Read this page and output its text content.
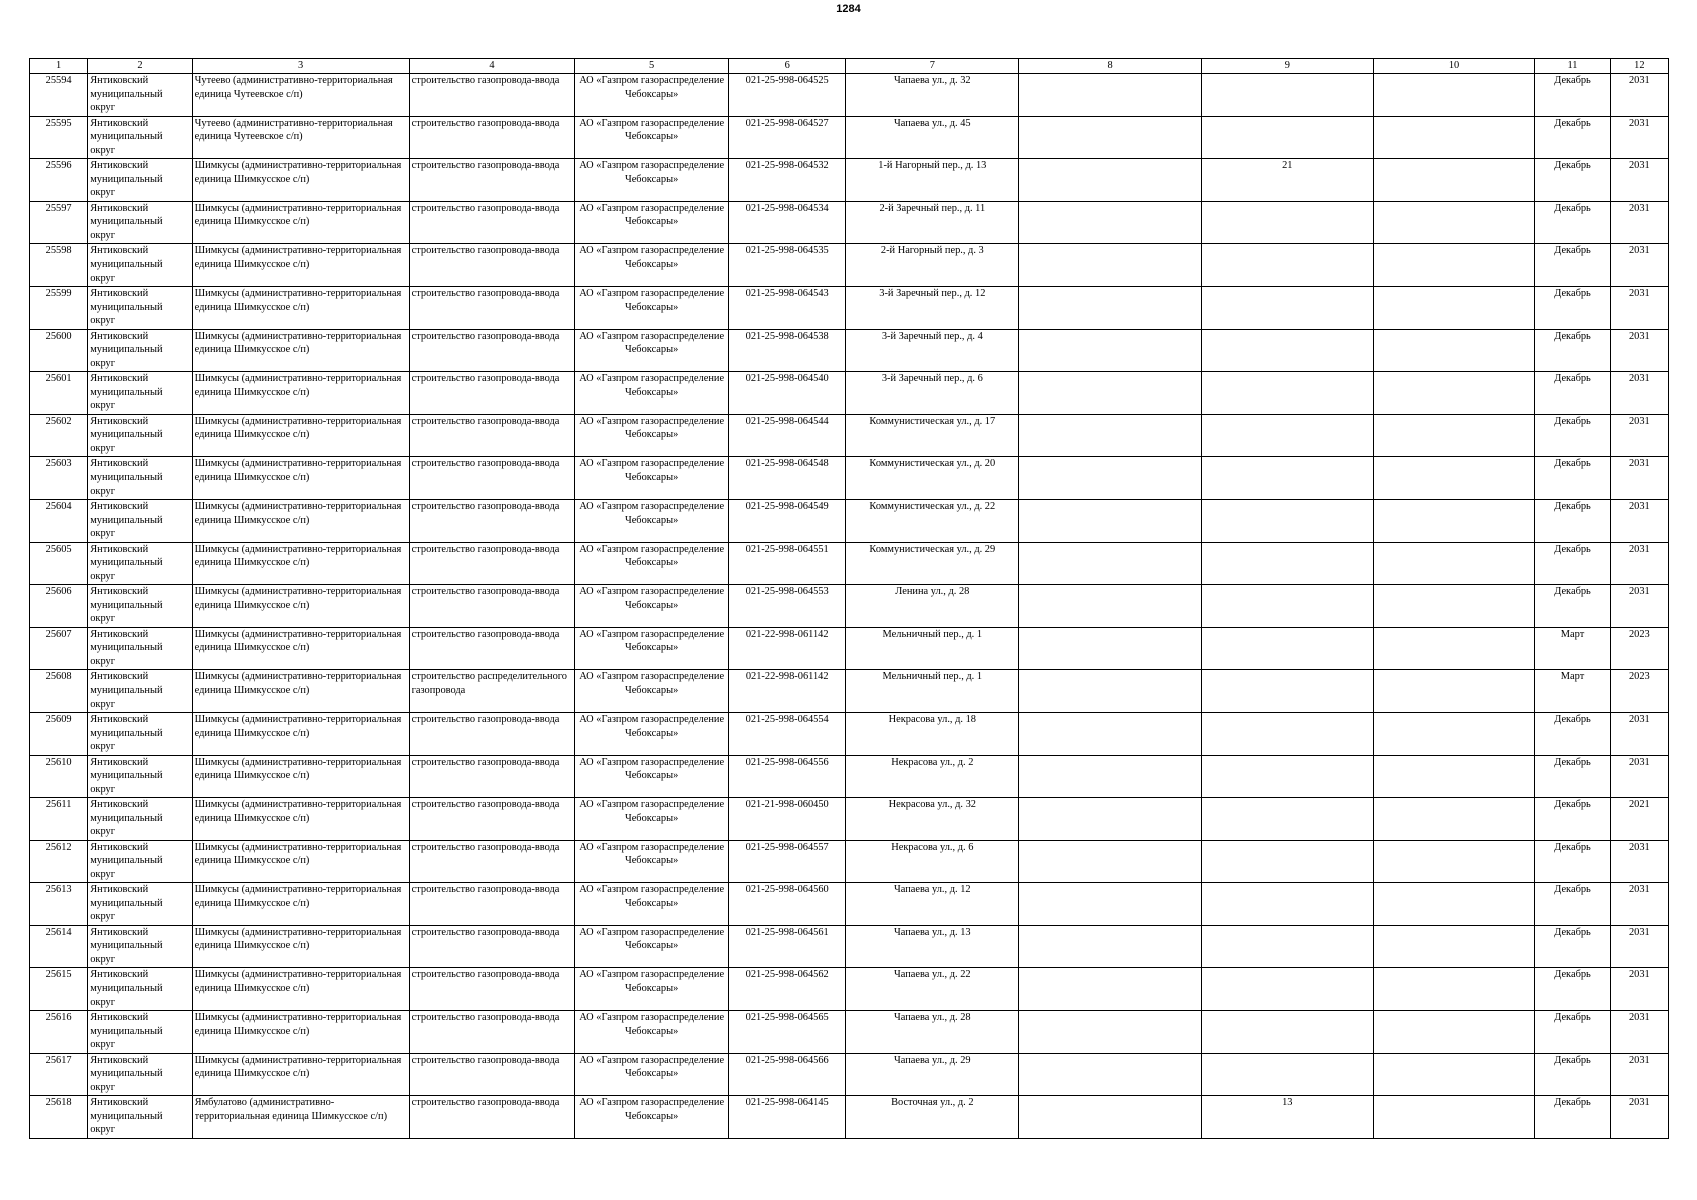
1284
1	2	3	4	5	6	7	8	9	10	11	12

25594	Янтиковский муниципальный округ	Чутеево (административно-территориальная единица Чутеевское с/п)	строительство газопровода-ввода	АО «Газпром газораспределение Чебоксары»	021-25-998-064525	Чапаева ул., д. 32				Декабрь	2031

25595	Янтиковский муниципальный округ	Чутеево (административно-территориальная единица Чутеевское с/п)	строительство газопровода-ввода	АО «Газпром газораспределение Чебоксары»	021-25-998-064527	Чапаева ул., д. 45				Декабрь	2031

25596	Янтиковский муниципальный округ	Шимкусы (административно-территориальная единица Шимкусское с/п)	строительство газопровода-ввода	АО «Газпром газораспределение Чебоксары»	021-25-998-064532	1-й Нагорный пер., д. 13		21		Декабрь	2031

25597	Янтиковский муниципальный округ	Шимкусы (административно-территориальная единица Шимкусское с/п)	строительство газопровода-ввода	АО «Газпром газораспределение Чебоксары»	021-25-998-064534	2-й Заречный пер., д. 11				Декабрь	2031

25598	Янтиковский муниципальный округ	Шимкусы (административно-территориальная единица Шимкусское с/п)	строительство газопровода-ввода	АО «Газпром газораспределение Чебоксары»	021-25-998-064535	2-й Нагорный пер., д. 3				Декабрь	2031

25599	Янтиковский муниципальный округ	Шимкусы (административно-территориальная единица Шимкусское с/п)	строительство газопровода-ввода	АО «Газпром газораспределение Чебоксары»	021-25-998-064543	3-й Заречный пер., д. 12				Декабрь	2031

25600	Янтиковский муниципальный округ	Шимкусы (административно-территориальная единица Шимкусское с/п)	строительство газопровода-ввода	АО «Газпром газораспределение Чебоксары»	021-25-998-064538	3-й Заречный пер., д. 4				Декабрь	2031

25601	Янтиковский муниципальный округ	Шимкусы (административно-территориальная единица Шимкусское с/п)	строительство газопровода-ввода	АО «Газпром газораспределение Чебоксары»	021-25-998-064540	3-й Заречный пер., д. 6				Декабрь	2031

25602	Янтиковский муниципальный округ	Шимкусы (административно-территориальная единица Шимкусское с/п)	строительство газопровода-ввода	АО «Газпром газораспределение Чебоксары»	021-25-998-064544	Коммунистическая ул., д. 17				Декабрь	2031

25603	Янтиковский муниципальный округ	Шимкусы (административно-территориальная единица Шимкусское с/п)	строительство газопровода-ввода	АО «Газпром газораспределение Чебоксары»	021-25-998-064548	Коммунистическая ул., д. 20				Декабрь	2031

25604	Янтиковский муниципальный округ	Шимкусы (административно-территориальная единица Шимкусское с/п)	строительство газопровода-ввода	АО «Газпром газораспределение Чебоксары»	021-25-998-064549	Коммунистическая ул., д. 22				Декабрь	2031

25605	Янтиковский муниципальный округ	Шимкусы (административно-территориальная единица Шимкусское с/п)	строительство газопровода-ввода	АО «Газпром газораспределение Чебоксары»	021-25-998-064551	Коммунистическая ул., д. 29				Декабрь	2031

25606	Янтиковский муниципальный округ	Шимкусы (административно-территориальная единица Шимкусское с/п)	строительство газопровода-ввода	АО «Газпром газораспределение Чебоксары»	021-25-998-064553	Ленина ул., д. 28				Декабрь	2031

25607	Янтиковский муниципальный округ	Шимкусы (административно-территориальная единица Шимкусское с/п)	строительство газопровода-ввода	АО «Газпром газораспределение Чебоксары»	021-22-998-061142	Мельничный пер., д. 1				Март	2023

25608	Янтиковский муниципальный округ	Шимкусы (административно-территориальная единица Шимкусское с/п)	строительство распределительного газопровода	АО «Газпром газораспределение Чебоксары»	021-22-998-061142	Мельничный пер., д. 1				Март	2023

25609	Янтиковский муниципальный округ	Шимкусы (административно-территориальная единица Шимкусское с/п)	строительство газопровода-ввода	АО «Газпром газораспределение Чебоксары»	021-25-998-064554	Некрасова ул., д. 18				Декабрь	2031

25610	Янтиковский муниципальный округ	Шимкусы (административно-территориальная единица Шимкусское с/п)	строительство газопровода-ввода	АО «Газпром газораспределение Чебоксары»	021-25-998-064556	Некрасова ул., д. 2				Декабрь	2031

25611	Янтиковский муниципальный округ	Шимкусы (административно-территориальная единица Шимкусское с/п)	строительство газопровода-ввода	АО «Газпром газораспределение Чебоксары»	021-21-998-060450	Некрасова ул., д. 32				Декабрь	2021

25612	Янтиковский муниципальный округ	Шимкусы (административно-территориальная единица Шимкусское с/п)	строительство газопровода-ввода	АО «Газпром газораспределение Чебоксары»	021-25-998-064557	Некрасова ул., д. 6				Декабрь	2031

25613	Янтиковский муниципальный округ	Шимкусы (административно-территориальная единица Шимкусское с/п)	строительство газопровода-ввода	АО «Газпром газораспределение Чебоксары»	021-25-998-064560	Чапаева ул., д. 12				Декабрь	2031

25614	Янтиковский муниципальный округ	Шимкусы (административно-территориальная единица Шимкусское с/п)	строительство газопровода-ввода	АО «Газпром газораспределение Чебоксары»	021-25-998-064561	Чапаева ул., д. 13				Декабрь	2031

25615	Янтиковский муниципальный округ	Шимкусы (административно-территориальная единица Шимкусское с/п)	строительство газопровода-ввода	АО «Газпром газораспределение Чебоксары»	021-25-998-064562	Чапаева ул., д. 22				Декабрь	2031

25616	Янтиковский муниципальный округ	Шимкусы (административно-территориальная единица Шимкусское с/п)	строительство газопровода-ввода	АО «Газпром газораспределение Чебоксары»	021-25-998-064565	Чапаева ул., д. 28				Декабрь	2031

25617	Янтиковский муниципальный округ	Шимкусы (административно-территориальная единица Шимкусское с/п)	строительство газопровода-ввода	АО «Газпром газораспределение Чебоксары»	021-25-998-064566	Чапаева ул., д. 29				Декабрь	2031

25618	Янтиковский муниципальный округ	Ямбулатово (административно-территориальная единица Шимкусское с/п)	строительство газопровода-ввода	АО «Газпром газораспределение Чебоксары»	021-25-998-064145	Восточная ул., д. 2		13		Декабрь	2031
